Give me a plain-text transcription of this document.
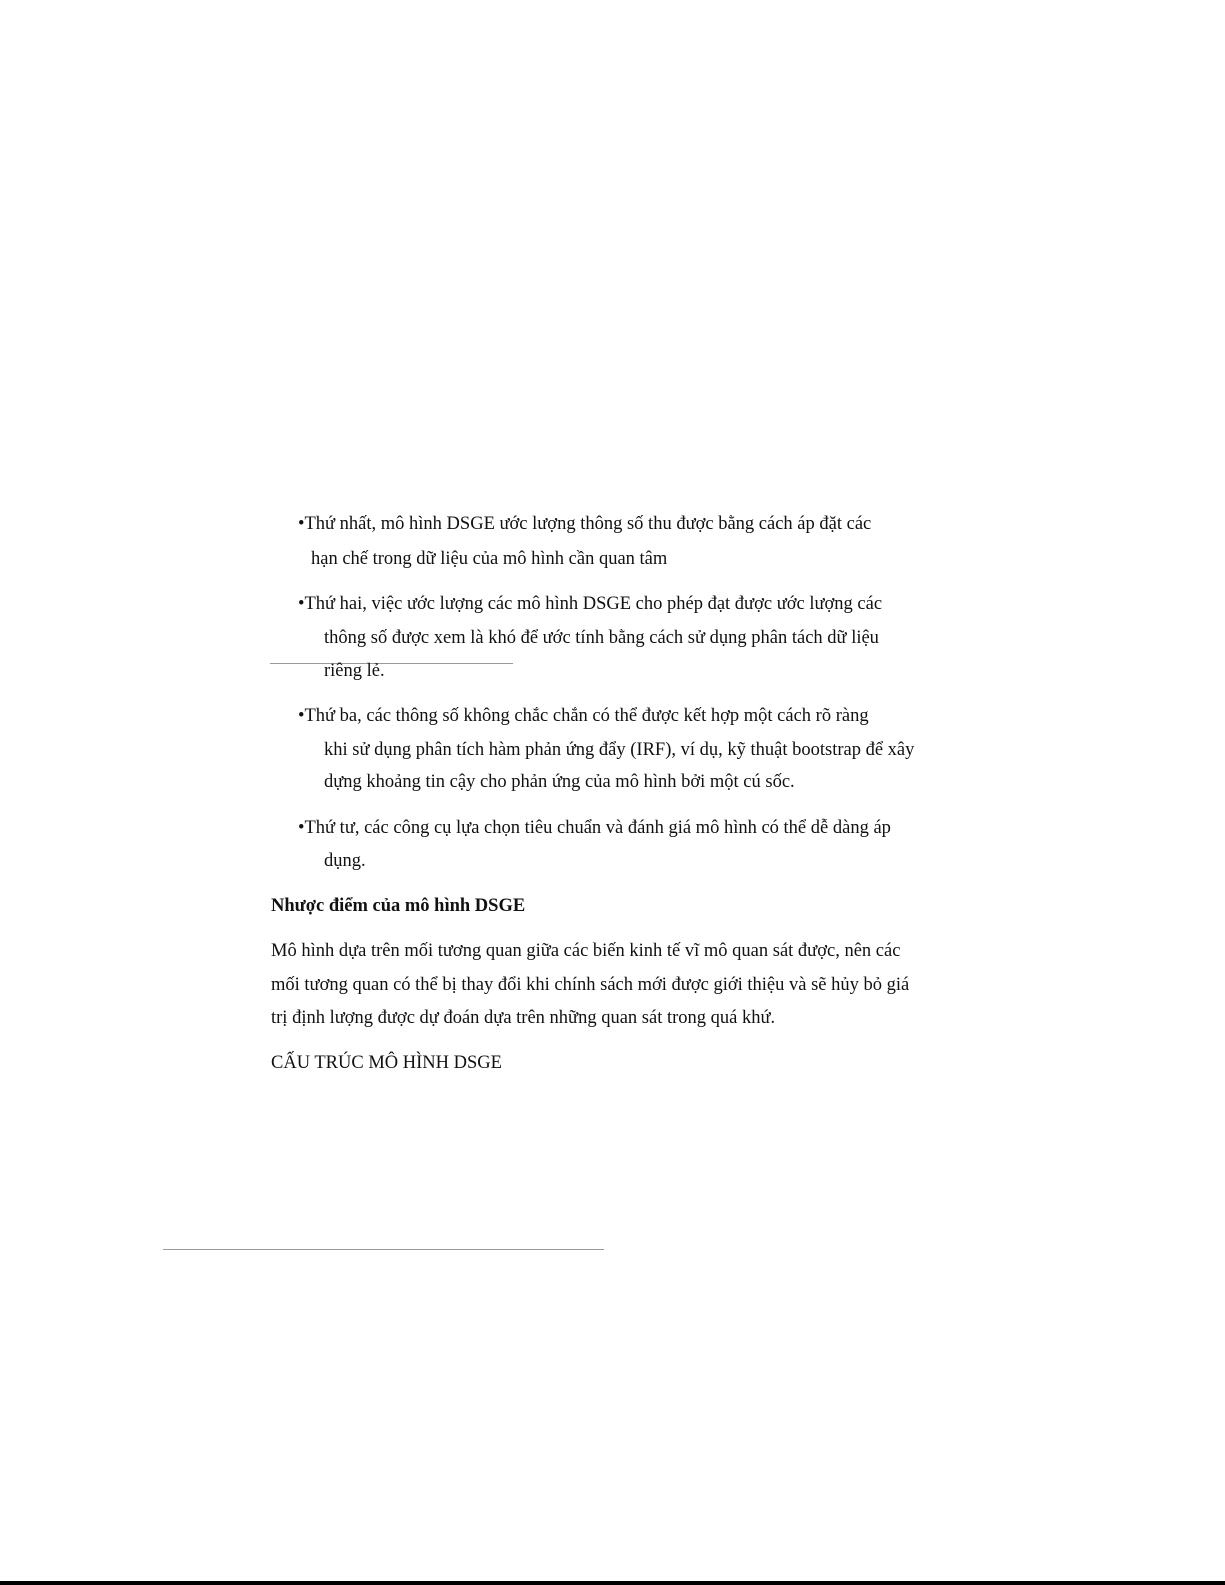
•Thứ nhất, mô hình DSGE ước lượng thông số thu được bằng cách áp đặt các
hạn chế trong dữ liệu của mô hình cần quan tâm
•Thứ hai, việc ước lượng các mô hình DSGE cho phép đạt được ước lượng các
thông số được xem là khó để ước tính bằng cách sử dụng phân tách dữ liệu
riêng lẻ.
•Thứ ba, các thông số không chắc chắn có thể được kết hợp một cách rõ ràng
khi sử dụng phân tích hàm phản ứng đẩy (IRF), ví dụ, kỹ thuật bootstrap để xây
dựng khoảng tin cậy cho phản ứng của mô hình bởi một cú sốc.
•Thứ tư, các công cụ lựa chọn tiêu chuẩn và đánh giá mô hình có thể dễ dàng áp
dụng.
Nhược điểm của mô hình DSGE
Mô hình dựa trên mối tương quan giữa các biến kinh tế vĩ mô quan sát được, nên các
mối tương quan có thể bị thay đổi khi chính sách mới được giới thiệu và sẽ hủy bỏ giá
trị định lượng được dự đoán dựa trên những quan sát trong quá khứ.
CẤU TRÚC MÔ HÌNH DSGE
